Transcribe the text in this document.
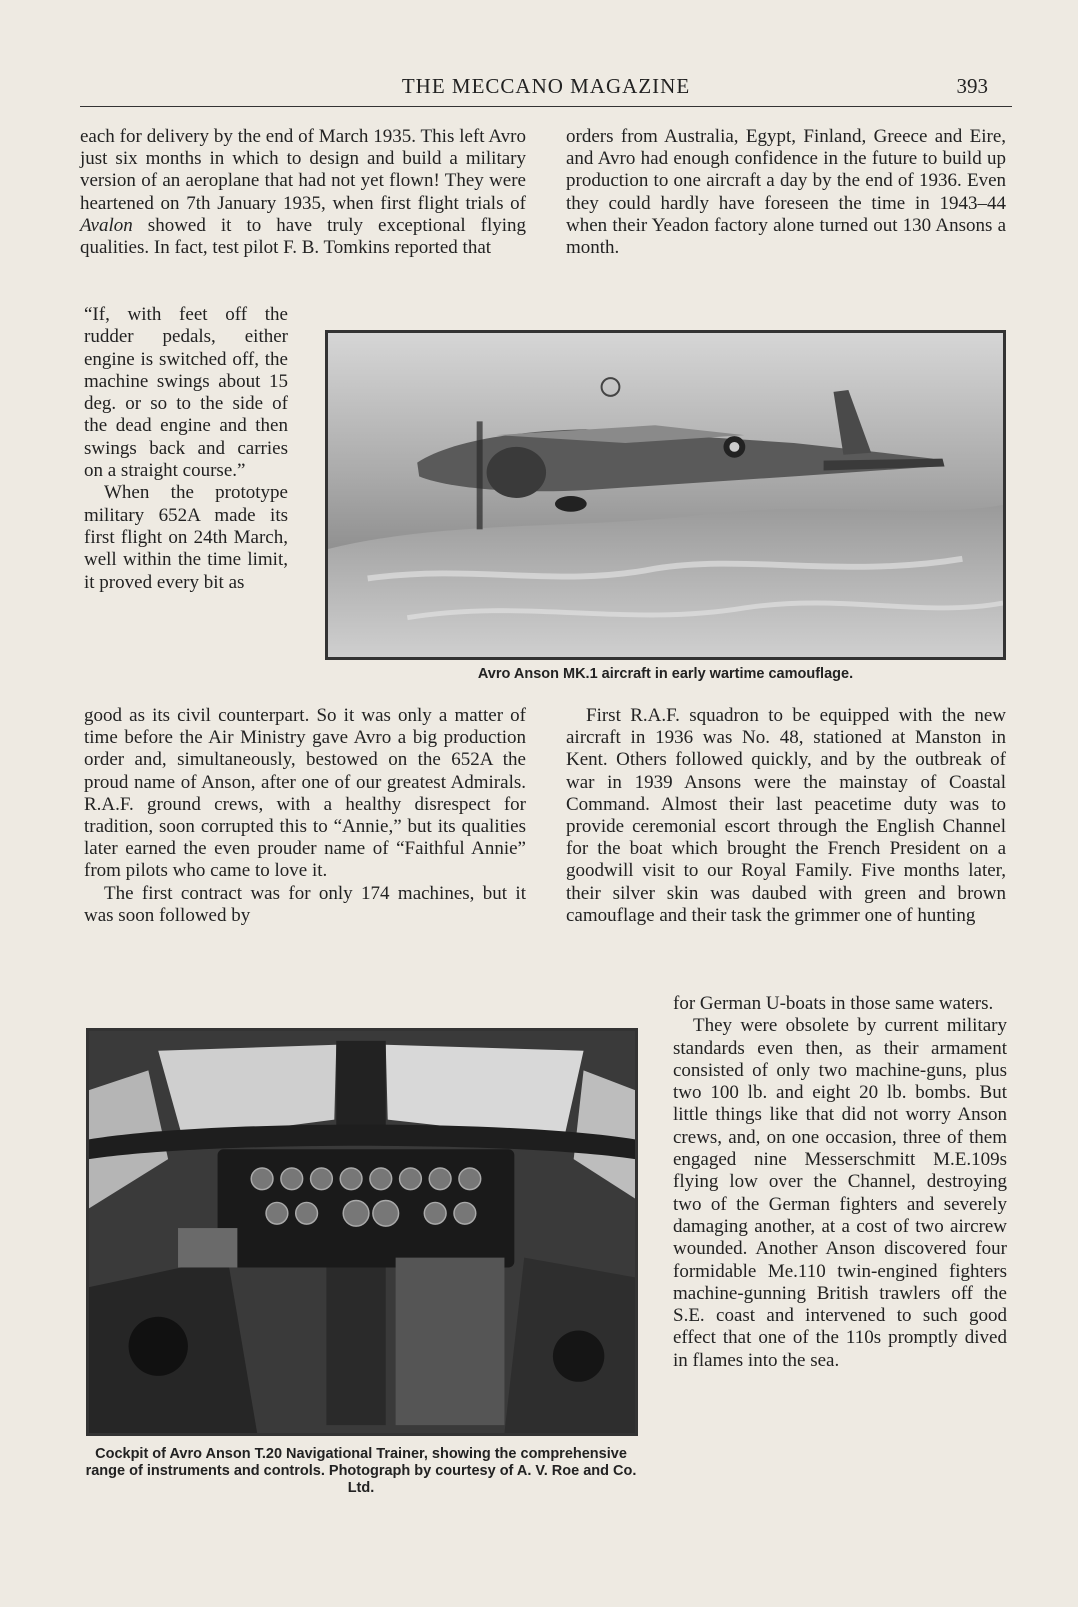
THE MECCANO MAGAZINE	393

each for delivery by the end of March 1935. This left Avro just six months in which to design and build a military version of an aeroplane that had not yet flown! They were heartened on 7th January 1935, when first flight trials of Avalon showed it to have truly exceptional flying qualities. In fact, test pilot F. B. Tomkins reported that

“If, with feet off the rudder pedals, either engine is switched off, the machine swings about 15 deg. or so to the side of the dead engine and then swings back and carries on a straight course.”

When the prototype military 652A made its first flight on 24th March, well within the time limit, it proved every bit as

good as its civil counterpart. So it was only a matter of time before the Air Ministry gave Avro a big production order and, simultaneously, bestowed on the 652A the proud name of Anson, after one of our greatest Admirals. R.A.F. ground crews, with a healthy disrespect for tradition, soon corrupted this to “Annie,” but its qualities later earned the even prouder name of “Faithful Annie” from pilots who came to love it.

The first contract was for only 174 machines, but it was soon followed by

orders from Australia, Egypt, Finland, Greece and Eire, and Avro had enough confidence in the future to build up production to one aircraft a day by the end of 1936. Even they could hardly have foreseen the time in 1943–44 when their Yeadon factory alone turned out 130 Ansons a month.

First R.A.F. squadron to be equipped with the new aircraft in 1936 was No. 48, stationed at Manston in Kent. Others followed quickly, and by the outbreak of war in 1939 Ansons were the mainstay of Coastal Command. Almost their last peacetime duty was to provide ceremonial escort through the English Channel for the boat which brought the French President on a goodwill visit to our Royal Family. Five months later, their silver skin was daubed with green and brown camouflage and their task the grimmer one of hunting

for German U-boats in those same waters.

They were obsolete by current military standards even then, as their armament consisted of only two machine-guns, plus two 100 lb. and eight 20 lb. bombs. But little things like that did not worry Anson crews, and, on one occasion, three of them engaged nine Messerschmitt M.E.109s flying low over the Channel, destroying two of the German fighters and severely damaging another, at a cost of two aircrew wounded. Another Anson discovered four formidable Me.110 twin-engined fighters machine-gunning British trawlers off the S.E. coast and intervened to such good effect that one of the 110s promptly dived in flames into the sea.

Avro Anson MK.1 aircraft in early wartime camouflage.
Cockpit of Avro Anson T.20 Navigational Trainer, showing the comprehensive range of instruments and controls. Photograph by courtesy of A. V. Roe and Co. Ltd.
